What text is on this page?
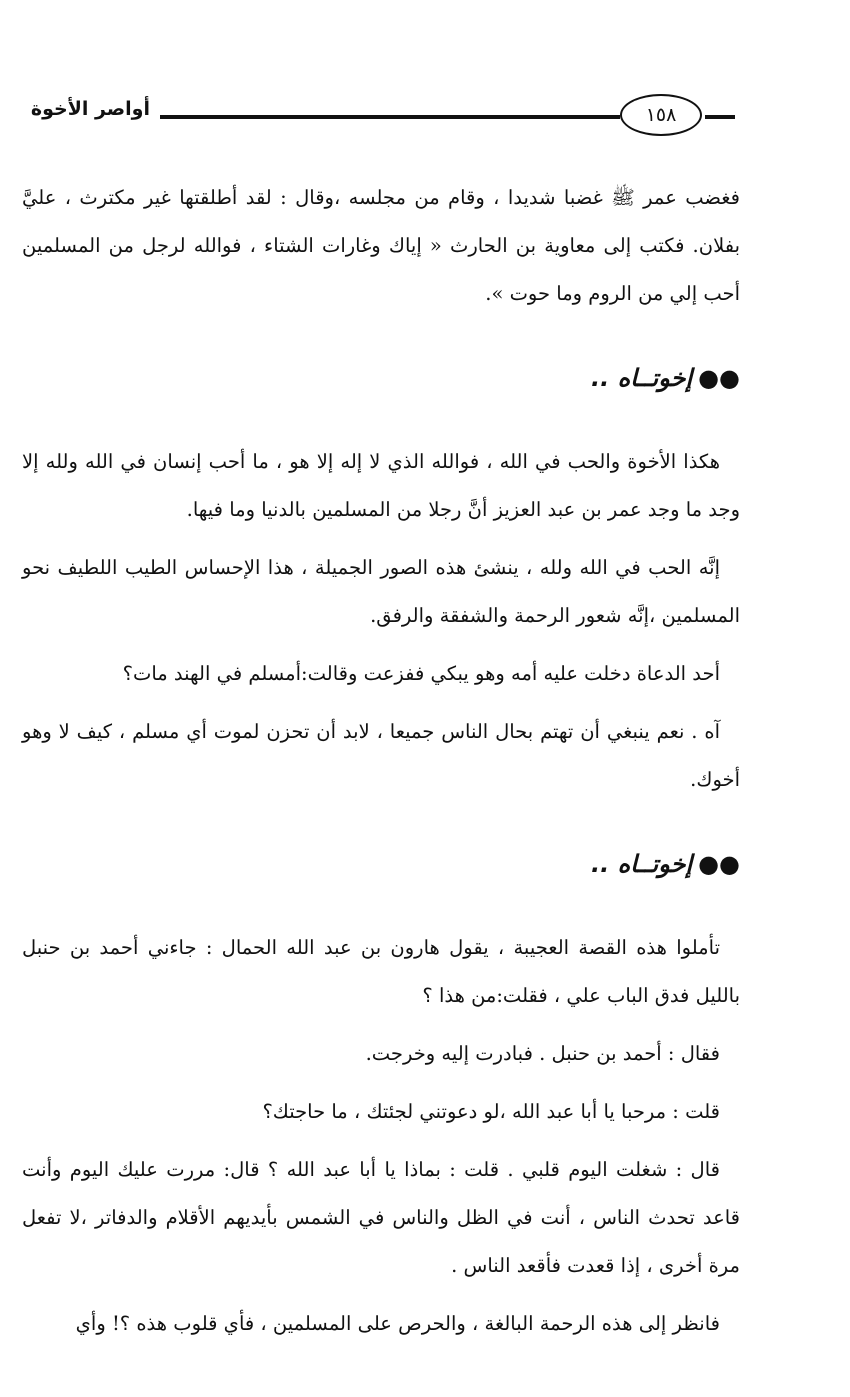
أواصر الأخوة	١٥٨

فغضب عمر ﷺ غضبا شديدا ، وقام من مجلسه ،وقال : لقد أطلقتها غير مكترث ، عليَّ بفلان. فكتب إلى معاوية بن الحارث « إياك وغارات الشتاء ، فوالله لرجل من المسلمين أحب إلي من الروم وما حوت ».

●●إخوتــاه ..

هكذا الأخوة والحب في الله ، فوالله الذي لا إله إلا هو ، ما أحب إنسان في الله ولله إلا وجد ما وجد عمر بن عبد العزيز أنَّ رجلا من المسلمين بالدنيا وما فيها.

إنَّه الحب في الله ولله ، ينشئ هذه الصور الجميلة ، هذا الإحساس الطيب اللطيف نحو المسلمين ،إنَّه شعور الرحمة والشفقة والرفق.

أحد الدعاة دخلت عليه أمه وهو يبكي ففزعت وقالت:أمسلم في الهند مات؟

آه . نعم ينبغي أن تهتم بحال الناس جميعا ، لابد أن تحزن لموت أي مسلم ، كيف لا وهو أخوك.

●●إخوتــاه ..

تأملوا هذه القصة العجيبة ، يقول هارون بن عبد الله الحمال : جاءني أحمد بن حنبل بالليل فدق الباب علي ، فقلت:من هذا ؟

فقال : أحمد بن حنبل . فبادرت إليه وخرجت.

قلت : مرحبا يا أبا عبد الله ،لو دعوتني لجئتك ، ما حاجتك؟

قال : شغلت اليوم قلبي . قلت : بماذا يا أبا عبد الله ؟ قال: مررت عليك اليوم وأنت قاعد تحدث الناس ، أنت في الظل والناس في الشمس بأيديهم الأقلام والدفاتر ،لا تفعل مرة أخرى ، إذا قعدت فأقعد الناس .

فانظر إلى هذه الرحمة البالغة ، والحرص على المسلمين ، فأي قلوب هذه ؟! وأي
